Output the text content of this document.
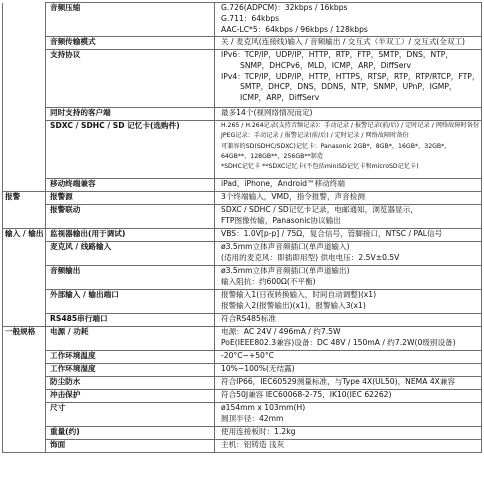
	音频压缩	G.726(ADPCM)：32kbps / 16kbps
G.711：64kbps
AAC-LC*5：64kbps / 96kbps / 128kbps

	音频传输模式	关 / 麦克风(连接线)输入 / 音频输出 / 交互式（半双工）/ 交互式(全双工)

	支持协议	IPv6：TCP/IP，UDP/IP，HTTP，RTP，FTP，SMTP，DNS，NTP，
SNMP，DHCPv6，MLD，ICMP，ARP，DiffServ
IPv4：TCP/IP，UDP/IP，HTTP，HTTPS，RTSP，RTP，RTP/RTCP，FTP，
SMTP，DHCP，DNS，DDNS，NTP，SNMP，UPnP，IGMP，
ICMP，ARP，DiffServ

	同时支持的客户端	最多14个(视网络情况而定)

	SDXC / SDHC / SD 记忆卡(选购件)	H.265 / H.264记录(支持音频记录)：手动记录 / 报警记录(前/后) / 定时记录 / 网络故障时备份
JPEG记录：手动记录 / 报警记录(前/后) / 定时记录 / 网络故障时备份
可兼容的SD(SDHC/SDXC)记忆卡：Panasonic 2GB*，8GB*，16GB*，32GB*，
64GB**，128GB**，256GB**制造
*SDHC记忆卡 **SDXC记忆卡(不包括miniSD记忆卡和microSD记忆卡)

	移动终端兼容	iPad，iPhone，Android™移动终端

报警	报警源	3个终端输入，VMD，指令报警，声音检测

	报警联动	SDXC / SDHC / SD记忆卡记录，电邮通知，浏览器显示，
FTP图像传输，Panasonic协议输出

输入 / 输出	监视器输出(用于调试)	VBS：1.0V[p-p] / 75Ω，复合信号，管脚接口，NTSC / PAL信号

	麦克风 / 线路输入	ø3.5mm立体声音频插口(单声道输入)
(适用的麦克风：即插即用型) 供电电压：2.5V±0.5V

	音频输出	ø3.5mm立体声音频插口(单声道输出)
输入阻抗：约600Ω(不平衡)

	外部输入 / 输出端口	报警输入1(日夜转换输入，时间自动调整)(x1)
报警输入2(报警输出)(x1)，报警输入3(x1)

	RS485串行端口	符合RS485标准

一般规格	电源 / 功耗	电源：AC 24V / 496mA / 约7.5W
PoE(IEEE802.3兼容)设备：DC 48V / 150mA / 约7.2W(0级别设备)

	工作环境温度	-20°C~+50°C

	工作环境湿度	10%~100%(无结露)

	防尘防水	符合IP66，IEC60529测量标准，与Type 4X(UL50)，NEMA 4X兼容

	冲击保护	符合50J兼容 IEC60068-2-75，IK10(IEC 62262)

	尺寸	ø154mm x 103mm(H)
圆顶半径：42mm

	重量(约)	使用连接板时：1.2kg

	饰面	主机：铝铸造 浅灰
